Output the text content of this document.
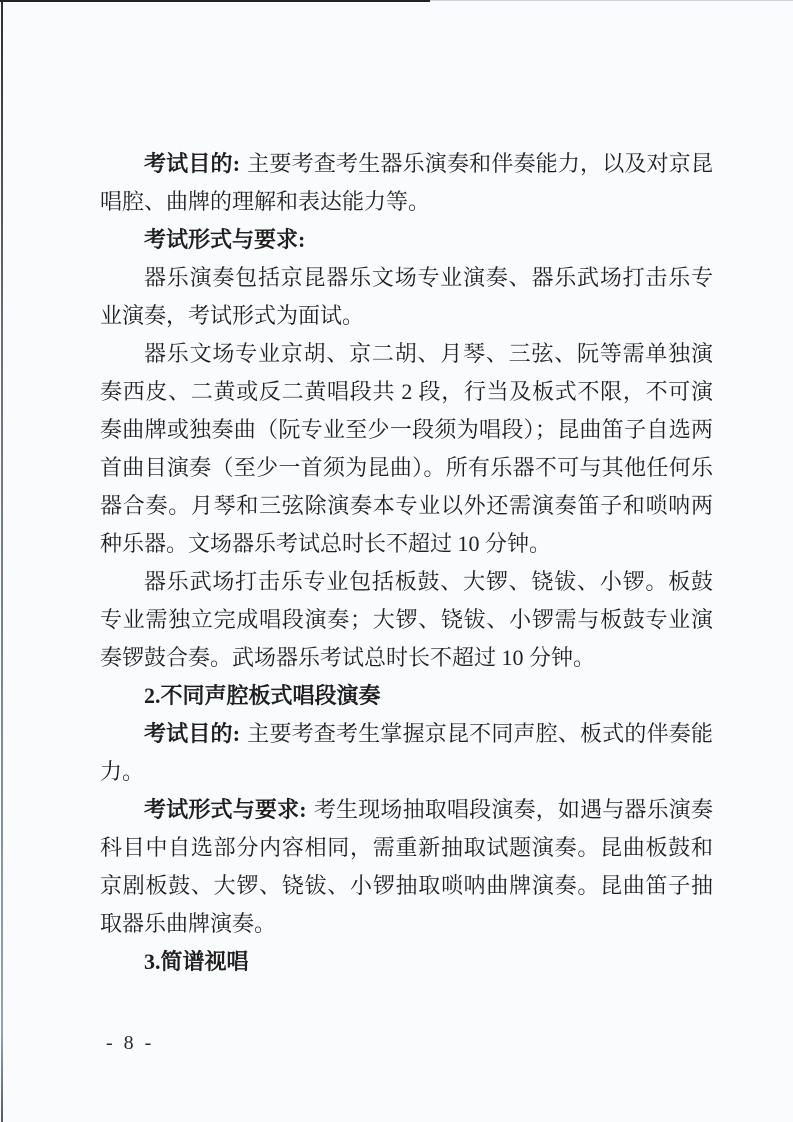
考试目的: 主要考查考生器乐演奏和伴奏能力，以及对京昆唱腔、曲牌的理解和表达能力等。

考试形式与要求:

器乐演奏包括京昆器乐文场专业演奏、器乐武场打击乐专业演奏，考试形式为面试。

器乐文场专业京胡、京二胡、月琴、三弦、阮等需单独演奏西皮、二黄或反二黄唱段共 2 段，行当及板式不限，不可演奏曲牌或独奏曲（阮专业至少一段须为唱段）；昆曲笛子自选两首曲目演奏（至少一首须为昆曲）。所有乐器不可与其他任何乐器合奏。月琴和三弦除演奏本专业以外还需演奏笛子和唢呐两种乐器。文场器乐考试总时长不超过 10 分钟。

器乐武场打击乐专业包括板鼓、大锣、铙钹、小锣。板鼓专业需独立完成唱段演奏；大锣、铙钹、小锣需与板鼓专业演奏锣鼓合奏。武场器乐考试总时长不超过 10 分钟。

2.不同声腔板式唱段演奏

考试目的: 主要考查考生掌握京昆不同声腔、板式的伴奏能力。

考试形式与要求: 考生现场抽取唱段演奏，如遇与器乐演奏科目中自选部分内容相同，需重新抽取试题演奏。昆曲板鼓和京剧板鼓、大锣、铙钹、小锣抽取唢呐曲牌演奏。昆曲笛子抽取器乐曲牌演奏。

3.简谱视唱

- 8 -
